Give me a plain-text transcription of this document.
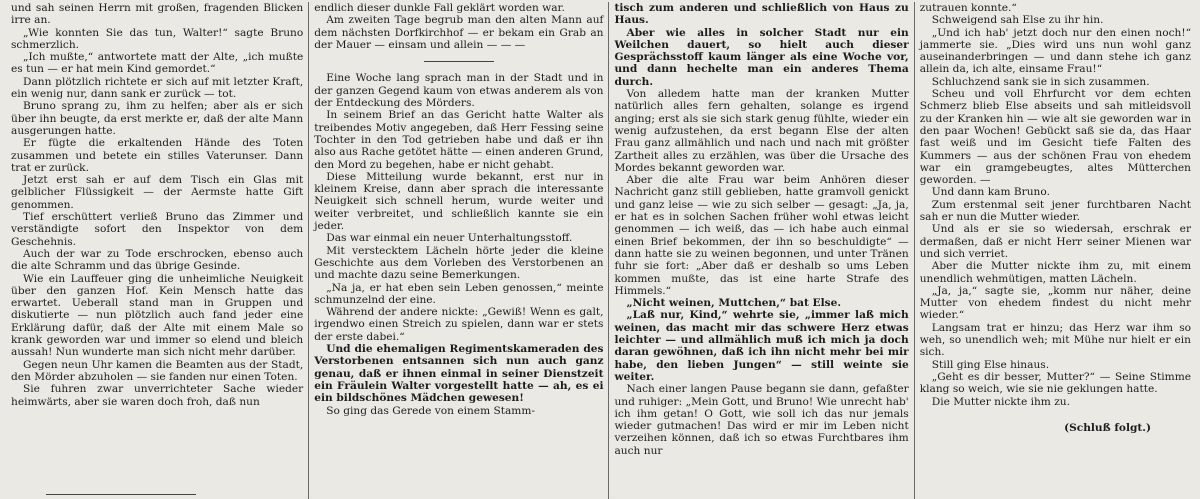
und sah seinen Herrn mit großen, fragenden Blicken irre an.

„Wie konnten Sie das tun, Walter!“ sagte Bruno schmerzlich.

„Ich mußte,“ antwortete matt der Alte, „ich mußte es tun — er hat mein Kind gemordet.“

Dann plötzlich richtete er sich auf mit letzter Kraft, ein wenig nur, dann sank er zurück — tot.

Bruno sprang zu, ihm zu helfen; aber als er sich über ihn beugte, da erst merkte er, daß der alte Mann ausgerungen hatte.

Er fügte die erkaltenden Hände des Toten zusammen und betete ein stilles Vaterunser. Dann trat er zurück.

Jetzt erst sah er auf dem Tisch ein Glas mit gelblicher Flüssigkeit — der Aermste hatte Gift genommen.

Tief erschüttert verließ Bruno das Zimmer und verständigte sofort den Inspektor von dem Geschehnis.

Auch der war zu Tode erschrocken, ebenso auch die alte Schramm und das übrige Gesinde.

Wie ein Lauffeuer ging die unheimliche Neuigkeit über den ganzen Hof. Kein Mensch hatte das erwartet. Ueberall stand man in Gruppen und diskutierte — nun plötzlich auch fand jeder eine Erklärung dafür, daß der Alte mit einem Male so krank geworden war und immer so elend und bleich aussah! Nun wunderte man sich nicht mehr darüber.

Gegen neun Uhr kamen die Beamten aus der Stadt, den Mörder abzuholen — sie fanden nur einen Toten.

Sie fuhren zwar unverrichteter Sache wieder heimwärts, aber sie waren doch froh, daß nun

endlich dieser dunkle Fall geklärt worden war.

Am zweiten Tage begrub man den alten Mann auf dem nächsten Dorfkirchhof — er bekam ein Grab an der Mauer — einsam und allein — — —

Eine Woche lang sprach man in der Stadt und in der ganzen Gegend kaum von etwas anderem als von der Entdeckung des Mörders.

In seinem Brief an das Gericht hatte Walter als treibendes Motiv angegeben, daß Herr Fessing seine Tochter in den Tod getrieben habe und daß er ihn also aus Rache getötet hätte — einen anderen Grund, den Mord zu begehen, habe er nicht gehabt.

Diese Mitteilung wurde bekannt, erst nur in kleinem Kreise, dann aber sprach die interessante Neuigkeit sich schnell herum, wurde weiter und weiter verbreitet, und schließlich kannte sie ein jeder.

Das war einmal ein neuer Unterhaltungsstoff.

Mit verstecktem Lächeln hörte jeder die kleine Geschichte aus dem Vorleben des Verstorbenen an und machte dazu seine Bemerkungen.

„Na ja, er hat eben sein Leben genossen,“ meinte schmunzelnd der eine.

Während der andere nickte: „Gewiß! Wenn es galt, irgendwo einen Streich zu spielen, dann war er stets der erste dabei.“

Und die ehemaligen Regimentskameraden des Verstorbenen entsannen sich nun auch ganz genau, daß er ihnen einmal in seiner Dienstzeit ein Fräulein Walter vorgestellt hatte — ah, es ei ein bildschönes Mädchen gewesen!

So ging das Gerede von einem Stamm-

tisch zum anderen und schließlich von Haus zu Haus.

Aber wie alles in solcher Stadt nur ein Weilchen dauert, so hielt auch dieser Gesprächsstoff kaum länger als eine Woche vor, und dann hechelte man ein anderes Thema durch.

Von alledem hatte man der kranken Mutter natürlich alles fern gehalten, solange es irgend anging; erst als sie sich stark genug fühlte, wieder ein wenig aufzustehen, da erst begann Else der alten Frau ganz allmählich und nach und nach mit größter Zartheit alles zu erzählen, was über die Ursache des Mordes bekannt geworden war.

Aber die alte Frau war beim Anhören dieser Nachricht ganz still geblieben, hatte gramvoll genickt und ganz leise — wie zu sich selber — gesagt: „Ja, ja, er hat es in solchen Sachen früher wohl etwas leicht genommen — ich weiß, das — ich habe auch einmal einen Brief bekommen, der ihn so beschuldigte“ — dann hatte sie zu weinen begonnen, und unter Tränen fuhr sie fort: „Aber daß er deshalb so ums Leben kommen mußte, das ist eine harte Strafe des Himmels.“

„Nicht weinen, Muttchen,“ bat Else.

„Laß nur, Kind,“ wehrte sie, „immer laß mich weinen, das macht mir das schwere Herz etwas leichter — und allmählich muß ich mich ja doch daran gewöhnen, daß ich ihn nicht mehr bei mir habe, den lieben Jungen“ — still weinte sie weiter.

Nach einer langen Pause begann sie dann, gefaßter und ruhiger: „Mein Gott, und Bruno! Wie unrecht hab' ich ihm getan! O Gott, wie soll ich das nur jemals wieder gutmachen! Das wird er mir im Leben nicht verzeihen können, daß ich so etwas Furchtbares ihm auch nur

zutrauen konnte.“

Schweigend sah Else zu ihr hin.

„Und ich hab' jetzt doch nur den einen noch!“ jammerte sie. „Dies wird uns nun wohl ganz auseinanderbringen — und dann stehe ich ganz allein da, ich alte, einsame Frau!“

Schluchzend sank sie in sich zusammen.

Scheu und voll Ehrfurcht vor dem echten Schmerz blieb Else abseits und sah mitleidsvoll zu der Kranken hin — wie alt sie geworden war in den paar Wochen! Gebückt saß sie da, das Haar fast weiß und im Gesicht tiefe Falten des Kummers — aus der schönen Frau von ehedem war ein gramgebeugtes, altes Mütterchen geworden. —

Und dann kam Bruno.

Zum erstenmal seit jener furchtbaren Nacht sah er nun die Mutter wieder.

Und als er sie so wiedersah, erschrak er dermaßen, daß er nicht Herr seiner Mienen war und sich verriet.

Aber die Mutter nickte ihm zu, mit einem unendlich wehmütigen, matten Lächeln.

„Ja, ja,“ sagte sie, „komm nur näher, deine Mutter von ehedem findest du nicht mehr wieder.“

Langsam trat er hinzu; das Herz war ihm so weh, so unendlich weh; mit Mühe nur hielt er ein sich.

Still ging Else hinaus.

„Geht es dir besser, Mutter?“ — Seine Stimme klang so weich, wie sie nie geklungen hatte.

Die Mutter nickte ihm zu.

(Schluß folgt.)
